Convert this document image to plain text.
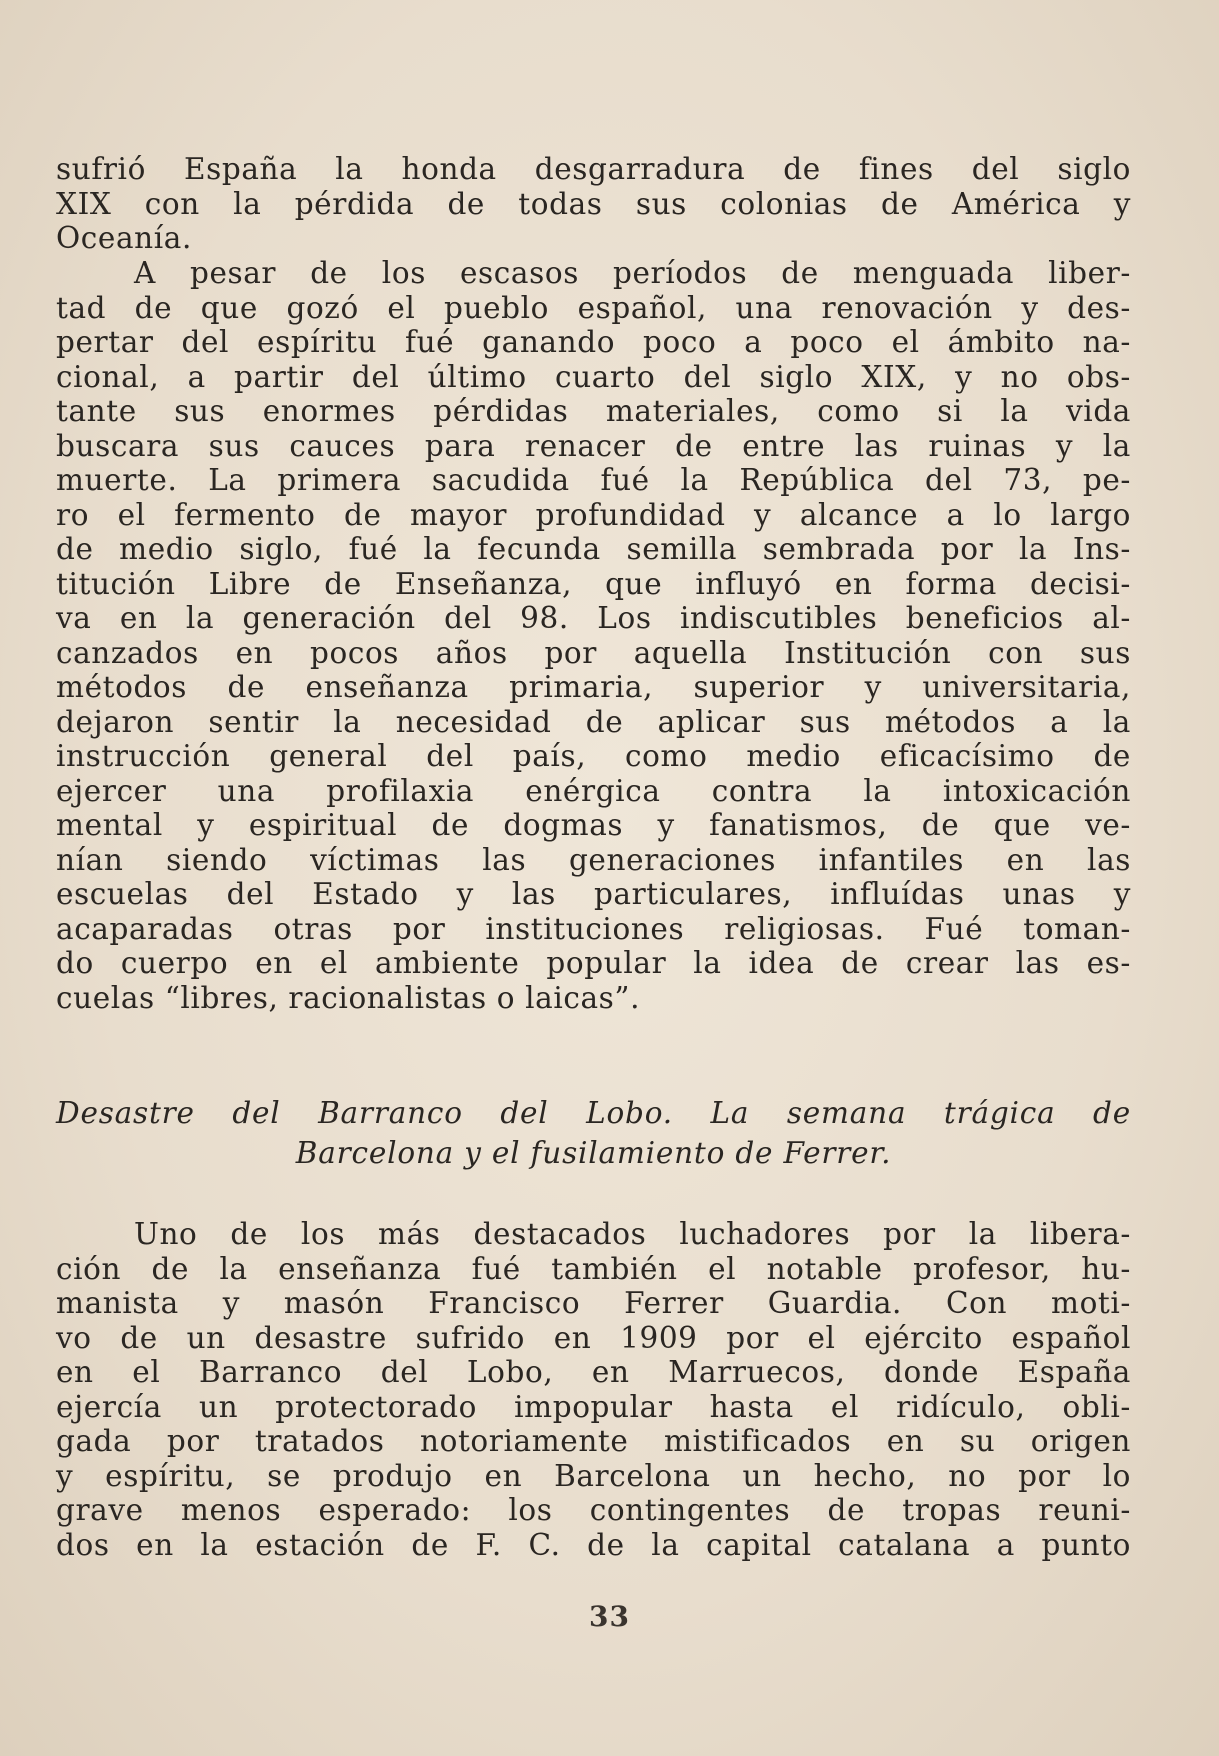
sufrió España la honda desgarradura de fines del siglo
XIX con la pérdida de todas sus colonias de América y
Oceanía.
A pesar de los escasos períodos de menguada liber-
tad de que gozó el pueblo español, una renovación y des-
pertar del espíritu fué ganando poco a poco el ámbito na-
cional, a partir del último cuarto del siglo XIX, y no obs-
tante sus enormes pérdidas materiales, como si la vida
buscara sus cauces para renacer de entre las ruinas y la
muerte. La primera sacudida fué la República del 73, pe-
ro el fermento de mayor profundidad y alcance a lo largo
de medio siglo, fué la fecunda semilla sembrada por la Ins-
titución Libre de Enseñanza, que influyó en forma decisi-
va en la generación del 98. Los indiscutibles beneficios al-
canzados en pocos años por aquella Institución con sus
métodos de enseñanza primaria, superior y universitaria,
dejaron sentir la necesidad de aplicar sus métodos a la
instrucción general del país, como medio eficacísimo de
ejercer una profilaxia enérgica contra la intoxicación
mental y espiritual de dogmas y fanatismos, de que ve-
nían siendo víctimas las generaciones infantiles en las
escuelas del Estado y las particulares, influídas unas y
acaparadas otras por instituciones religiosas. Fué toman-
do cuerpo en el ambiente popular la idea de crear las es-
cuelas “libres, racionalistas o laicas”.
Desastre del Barranco del Lobo. La semana trágica de
Barcelona y el fusilamiento de Ferrer.
Uno de los más destacados luchadores por la libera-
ción de la enseñanza fué también el notable profesor, hu-
manista y masón Francisco Ferrer Guardia. Con moti-
vo de un desastre sufrido en 1909 por el ejército español
en el Barranco del Lobo, en Marruecos, donde España
ejercía un protectorado impopular hasta el ridículo, obli-
gada por tratados notoriamente mistificados en su origen
y espíritu, se produjo en Barcelona un hecho, no por lo
grave menos esperado: los contingentes de tropas reuni-
dos en la estación de F. C. de la capital catalana a punto
33
